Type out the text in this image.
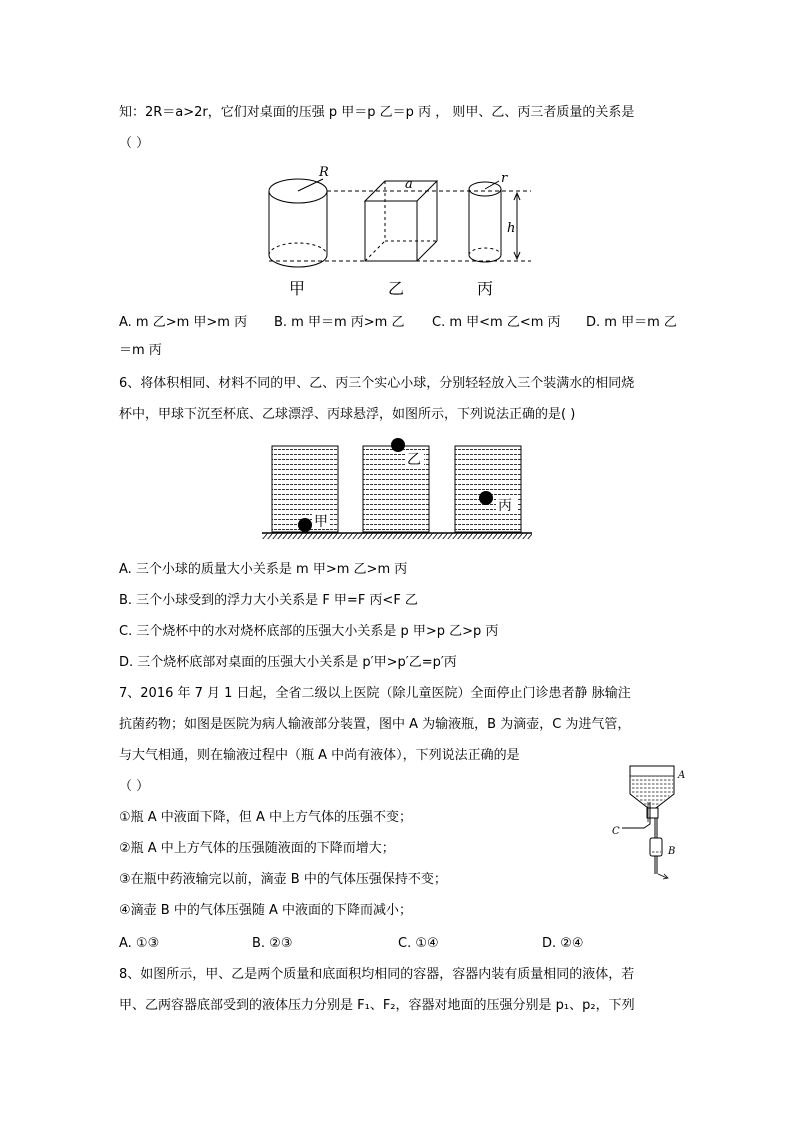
知：2R＝a>2r，它们对桌面的压强 p 甲＝p 乙＝p 丙 ， 则甲、乙、丙三者质量的关系是
（ ）
R
a	r
h
甲	乙	丙
A. m 乙>m 甲>m 丙 B. m 甲＝m 丙>m 乙 C. m 甲<m 乙<m 丙 D. m 甲＝m 乙
＝m 丙
6、将体积相同、材料不同的甲、乙、丙三个实心小球，分别轻轻放入三个装满水的相同烧
杯中，甲球下沉至杯底、乙球漂浮、丙球悬浮，如图所示，下列说法正确的是( )
甲
乙
丙
A. 三个小球的质量大小关系是 m 甲>m 乙>m 丙
B. 三个小球受到的浮力大小关系是 F 甲=F 丙<F 乙
C. 三个烧杯中的水对烧杯底部的压强大小关系是 p 甲>p 乙>p 丙
D. 三个烧杯底部对桌面的压强大小关系是 p′甲>p′乙=p′丙
7、2016 年 7 月 1 日起，全省二级以上医院（除儿童医院）全面停止门诊患者静 脉输注
抗菌药物；如图是医院为病人输液部分装置，图中 A 为输液瓶，B 为滴壶，C 为进气管，
与大气相通，则在输液过程中（瓶 A 中尚有液体），下列说法正确的是
（ ）
①瓶 A 中液面下降，但 A 中上方气体的压强不变；
②瓶 A 中上方气体的压强随液面的下降而增大；
③在瓶中药液输完以前，滴壶 B 中的气体压强保持不变；
④滴壶 B 中的气体压强随 A 中液面的下降而减小；
A
C
B
A. ①③	B. ②③	C. ①④	D. ②④
8、如图所示，甲、乙是两个质量和底面积均相同的容器，容器内装有质量相同的液体，若
甲、乙两容器底部受到的液体压力分别是 F₁、F₂，容器对地面的压强分别是 p₁、p₂，下列
